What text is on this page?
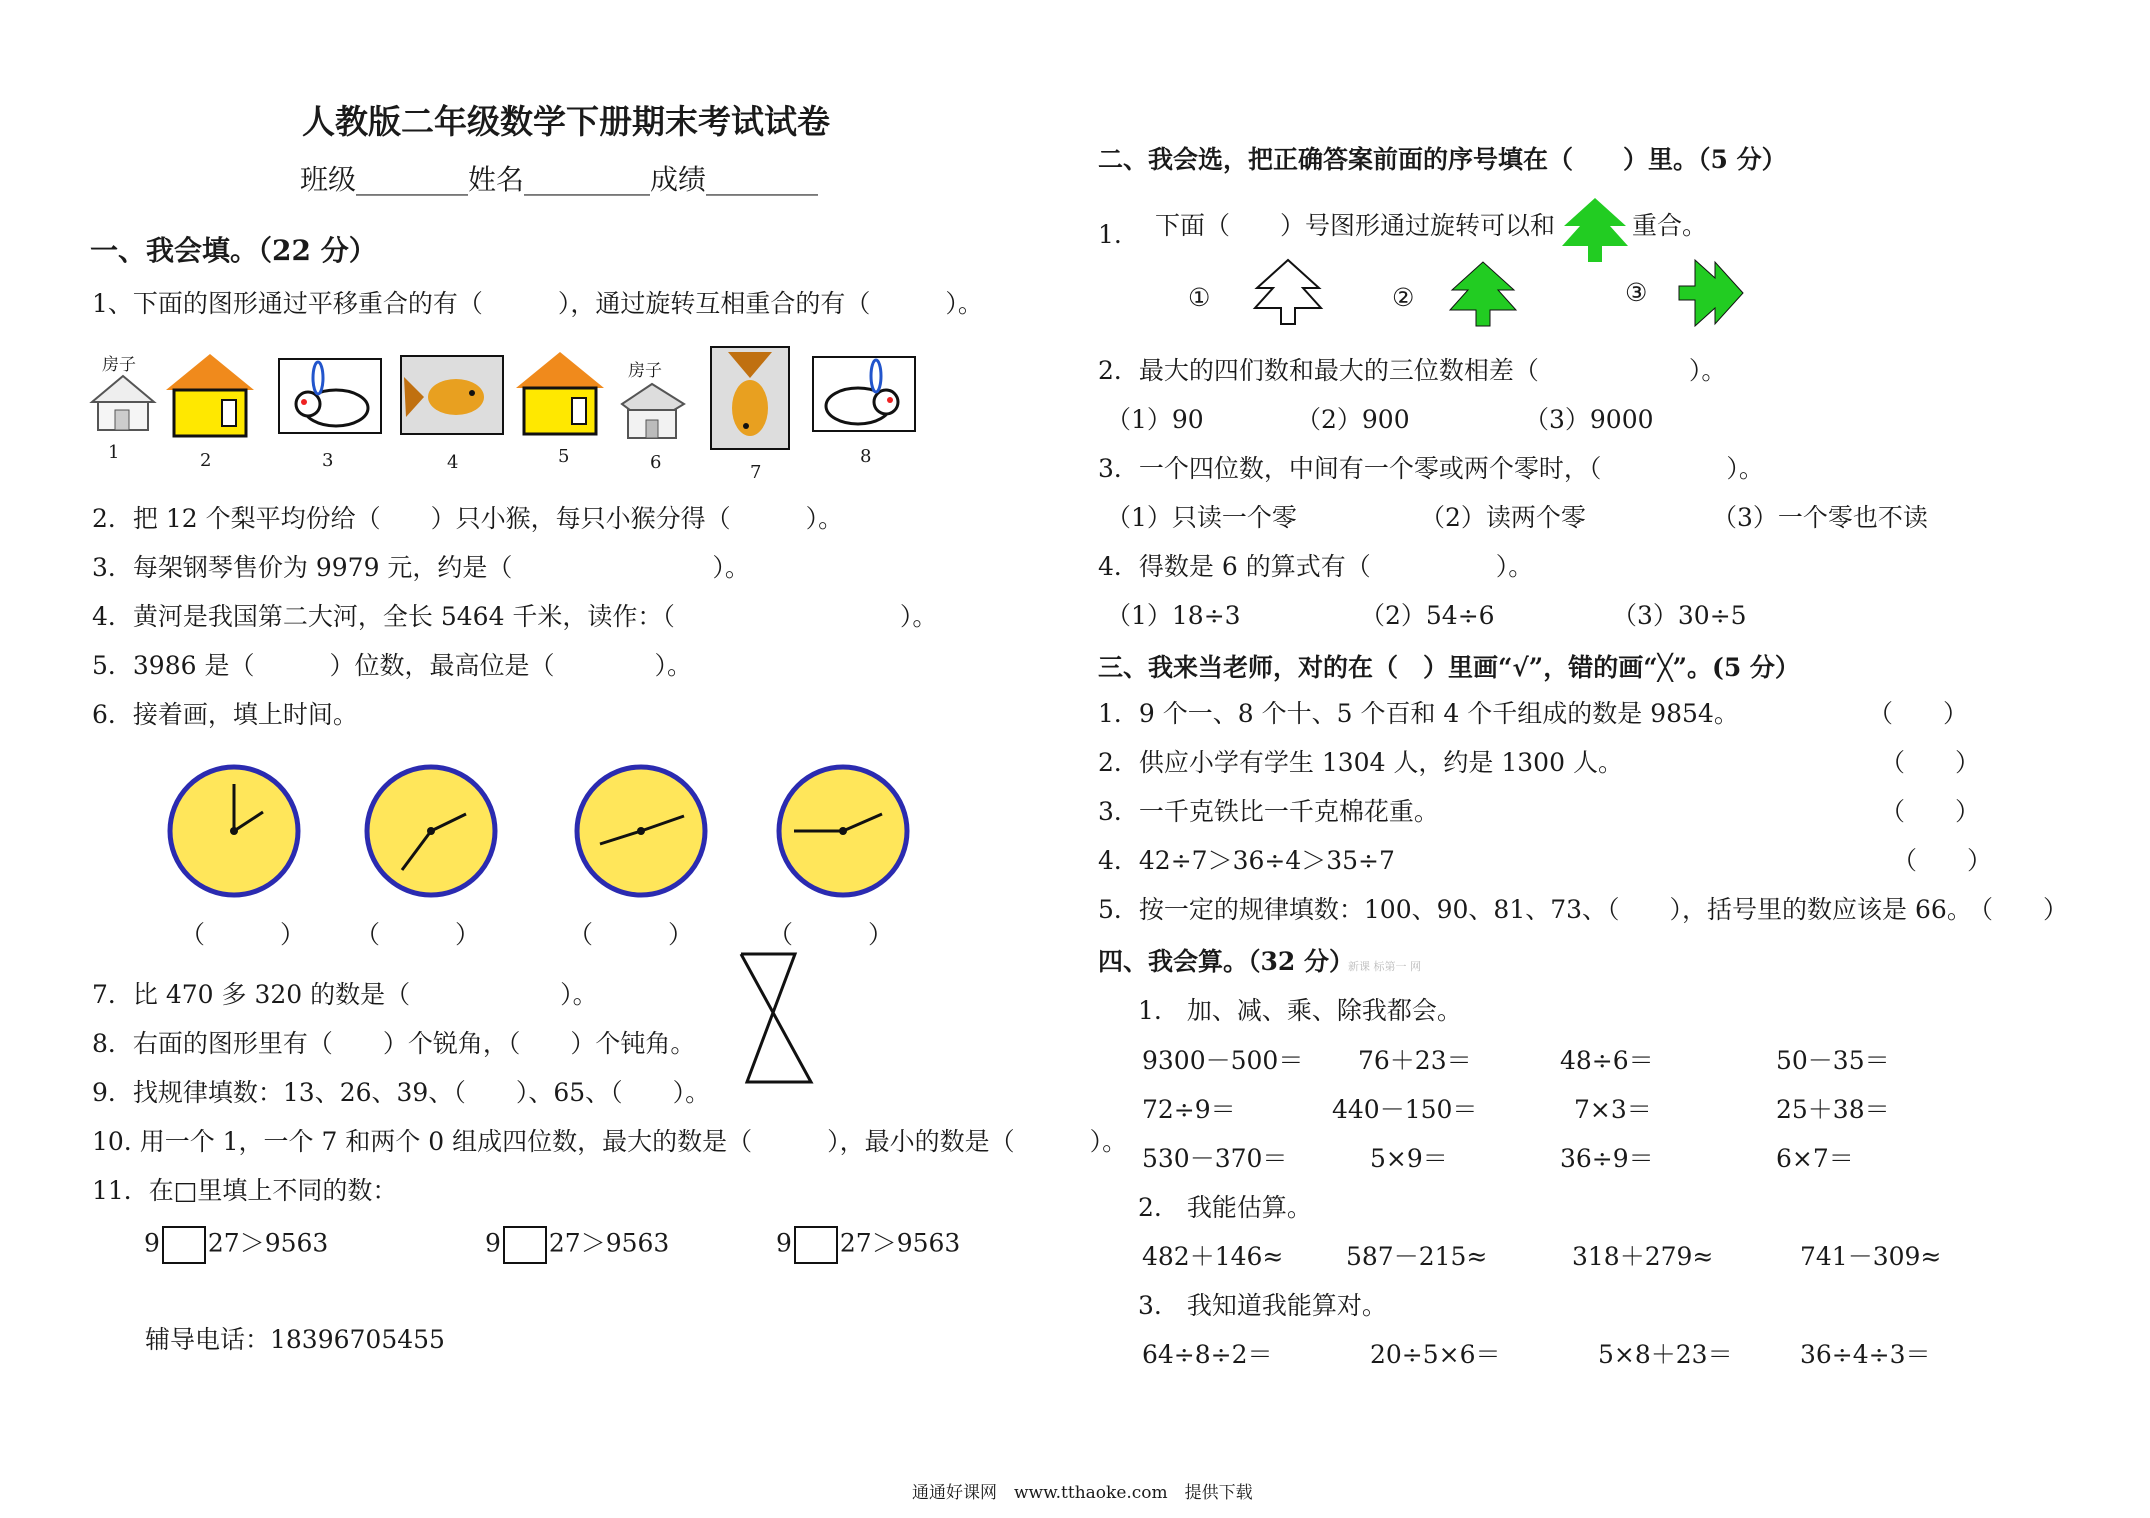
人教版二年级数学下册期末考试试卷
班级________姓名_________成绩________
一、我会填。（22 分）
1、下面的图形通过平移重合的有（　　　），通过旋转互相重合的有（　　　）。
房子
1	2	3	4	5
房子
6	7
8
2．把 12 个梨平均份给（　　）只小猴，每只小猴分得（　　　）。
3．每架钢琴售价为 9979 元，约是（　　　　　　　　）。
4．黄河是我国第二大河，全长 5464 千米，读作：（　　　　　　　　　）。
5．3986 是（　　　）位数，最高位是（　　　　）。
6．接着画，填上时间。
（　　　） （　　　）	（　　　）	（　　　）
7．比 470 多 320 的数是（　　　　　　）。
8．右面的图形里有（　　）个锐角，（　　）个钝角。
9．找规律填数：13、26、39、（　　）、65、（　　）。
10. 用一个 1，一个 7 和两个 0 组成四位数，最大的数是（　　　），最小的数是（　　　）。
11．在□里填上不同的数：
9 27＞9563	9 27＞9563	9 27＞9563
辅导电话：18396705455
二、我会选，把正确答案前面的序号填在（　　）里。（5 分）
1. 下面（　　）号图形通过旋转可以和	重合。
①	②	③
2．最大的四们数和最大的三位数相差（　　　　　　）。
（1）90	（2）900	（3）9000
3．一个四位数，中间有一个零或两个零时，（　　　　　）。
（1）只读一个零	（2）读两个零	（3）一个零也不读
4．得数是 6 的算式有（　　　　　）。
（1）18÷3	（2）54÷6	（3）30÷5
三、我来当老师，对的在（　）里画“√”，错的画“╳”。(5 分）
1．9 个一、8 个十、5 个百和 4 个千组成的数是 9854。	（　　）
2．供应小学有学生 1304 人，约是 1300 人。	（　　）
3．一千克铁比一千克棉花重。	（　　）
4．42÷7＞36÷4＞35÷7	（　　）
5．按一定的规律填数：100、90、81、73、（　　），括号里的数应该是 66。
（　　）
四、我会算。（32 分）
新课 标第一 网
1.　加、减、乘、除我都会。
9300－500＝ 76＋23＝	48÷6＝	50－35＝
72÷9＝	440－150＝	7×3＝	25＋38＝
530－370＝	5×9＝	36÷9＝	6×7＝
2.　我能估算。
482＋146≈	587－215≈	318＋279≈	741－309≈
3.　我知道我能算对。
64÷8÷2＝	20÷5×6＝	5×8＋23＝	36÷4÷3＝
通通好课网　www.tthaoke.com　提供下载
